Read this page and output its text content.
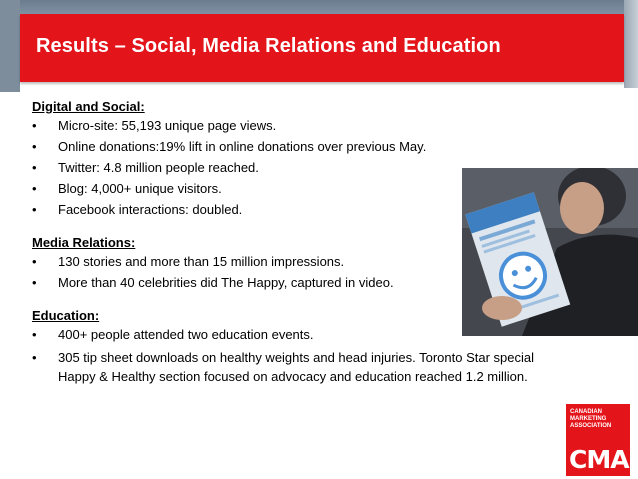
Results – Social, Media Relations and Education
Digital and Social:
•	Micro-site: 55,193 unique page views.
•	Online donations:19% lift in online donations over previous May.
•	Twitter: 4.8 million people reached.
•	Blog: 4,000+ unique visitors.
•	Facebook interactions: doubled.
Media Relations:
•	130 stories and more than 15 million impressions.
•	More than 40 celebrities did The Happy, captured in video.
Education:
•	400+ people attended two education events.
•	305 tip sheet downloads on healthy weights and head injuries. Toronto Star special
Happy & Healthy section focused on advocacy and education reached 1.2 million.
CANADIAN
MARKETING
ASSOCIATION
CMA
